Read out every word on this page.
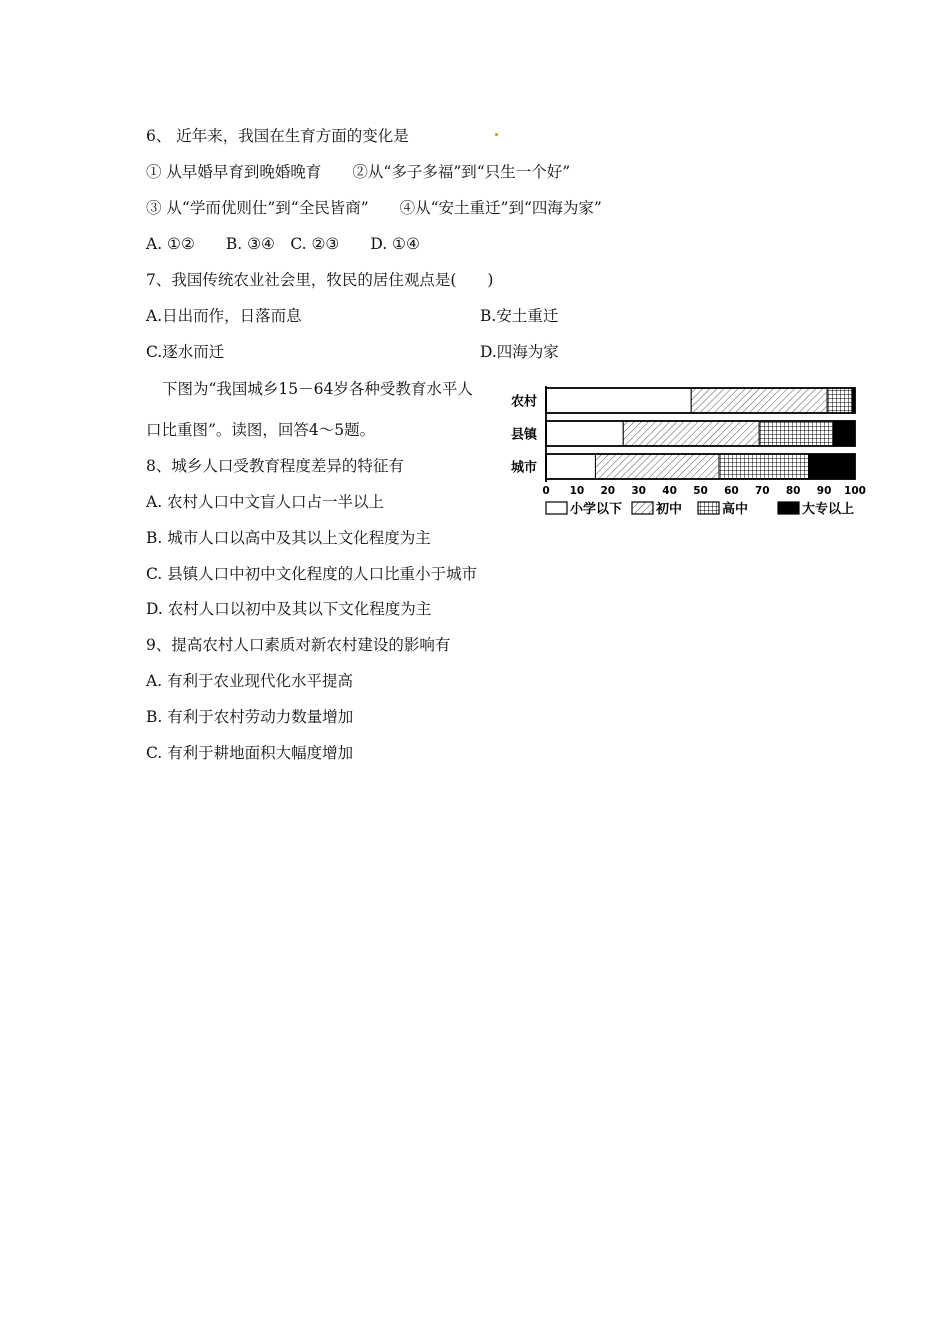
6、 近年来，我国在生育方面的变化是
① 从早婚早育到晚婚晚育　　②从“多子多福”到“只生一个好”
③ 从“学而优则仕”到“全民皆商”　　④从“安土重迁”到“四海为家”
A. ①②　　B. ③④　C. ②③　　D. ①④
7、我国传统农业社会里，牧民的居住观点是(　　)
A.日出而作，日落而息	B.安土重迁
C.逐水而迁	D.四海为家
下图为“我国城乡15－64岁各种受教育水平人
口比重图”。读图，回答4～5题。
8、城乡人口受教育程度差异的特征有
A. 农村人口中文盲人口占一半以上
B. 城市人口以高中及其以上文化程度为主
C. 县镇人口中初中文化程度的人口比重小于城市
D. 农村人口以初中及其以下文化程度为主
9、提高农村人口素质对新农村建设的影响有
A. 有利于农业现代化水平提高
B. 有利于农村劳动力数量增加
C. 有利于耕地面积大幅度增加
农村
县镇
城市
0 10 20 30 40 50 60 70 80 90 100
小学以下	初中	高中	大专以上
